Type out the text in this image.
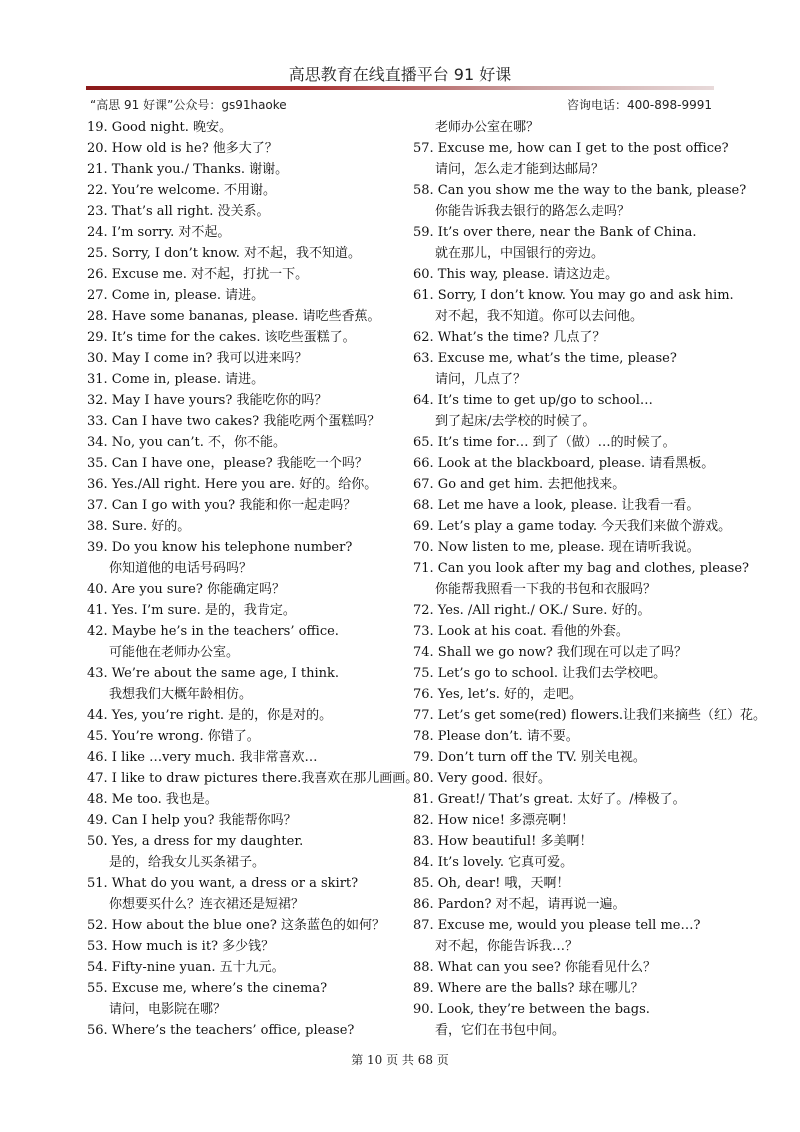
高思教育在线直播平台 91 好课
“高思 91 好课”公众号：gs91haoke	咨询电话：400-898-9991
19. Good night. 晚安。
20. How old is he? 他多大了？
21. Thank you./ Thanks. 谢谢。
22. You’re welcome. 不用谢。
23. That’s all right. 没关系。
24. I’m sorry. 对不起。
25. Sorry, I don’t know. 对不起，我不知道。
26. Excuse me. 对不起，打扰一下。
27. Come in, please. 请进。
28. Have some bananas, please. 请吃些香蕉。
29. It’s time for the cakes. 该吃些蛋糕了。
30. May I come in? 我可以进来吗？
31. Come in, please. 请进。
32. May I have yours? 我能吃你的吗？
33. Can I have two cakes? 我能吃两个蛋糕吗？
34. No, you can’t. 不，你不能。
35. Can I have one，please? 我能吃一个吗？
36. Yes./All right. Here you are. 好的。给你。
37. Can I go with you? 我能和你一起走吗？
38. Sure. 好的。
39. Do you know his telephone number?
你知道他的电话号码吗？
40. Are you sure? 你能确定吗？
41. Yes. I’m sure. 是的，我肯定。
42. Maybe he’s in the teachers’ office.
可能他在老师办公室。
43. We’re about the same age, I think.
我想我们大概年龄相仿。
44. Yes, you’re right. 是的，你是对的。
45. You’re wrong. 你错了。
46. I like …very much. 我非常喜欢…
47. I like to draw pictures there.我喜欢在那儿画画。
48. Me too. 我也是。
49. Can I help you? 我能帮你吗？
50. Yes, a dress for my daughter.
是的，给我女儿买条裙子。
51. What do you want, a dress or a skirt?
你想要买什么？连衣裙还是短裙？
52. How about the blue one? 这条蓝色的如何？
53. How much is it? 多少钱？
54. Fifty-nine yuan. 五十九元。
55. Excuse me, where’s the cinema?
请问，电影院在哪？
56. Where’s the teachers’ office, please?
老师办公室在哪？
57. Excuse me, how can I get to the post office?
请问，怎么走才能到达邮局？
58. Can you show me the way to the bank, please?
你能告诉我去银行的路怎么走吗？
59. It’s over there, near the Bank of China.
就在那儿，中国银行的旁边。
60. This way, please. 请这边走。
61. Sorry, I don’t know. You may go and ask him.
对不起，我不知道。你可以去问他。
62. What’s the time? 几点了？
63. Excuse me, what’s the time, please?
请问，几点了？
64. It’s time to get up/go to school…
到了起床/去学校的时候了。
65. It’s time for… 到了（做）…的时候了。
66. Look at the blackboard, please. 请看黑板。
67. Go and get him. 去把他找来。
68. Let me have a look, please. 让我看一看。
69. Let’s play a game today. 今天我们来做个游戏。
70. Now listen to me, please. 现在请听我说。
71. Can you look after my bag and clothes, please?
你能帮我照看一下我的书包和衣服吗？
72. Yes. /All right./ OK./ Sure. 好的。
73. Look at his coat. 看他的外套。
74. Shall we go now? 我们现在可以走了吗？
75. Let’s go to school. 让我们去学校吧。
76. Yes, let’s. 好的，走吧。
77. Let’s get some(red) flowers.让我们来摘些（红）花。
78. Please don’t. 请不要。
79. Don’t turn off the TV. 别关电视。
80. Very good. 很好。
81. Great!/ That’s great. 太好了。/棒极了。
82. How nice! 多漂亮啊！
83. How beautiful! 多美啊！
84. It’s lovely. 它真可爱。
85. Oh, dear! 哦，天啊！
86. Pardon? 对不起，请再说一遍。
87. Excuse me, would you please tell me…?
对不起，你能告诉我…？
88. What can you see? 你能看见什么？
89. Where are the balls? 球在哪儿？
90. Look, they’re between the bags.
看，它们在书包中间。
第 10 页 共 68 页
